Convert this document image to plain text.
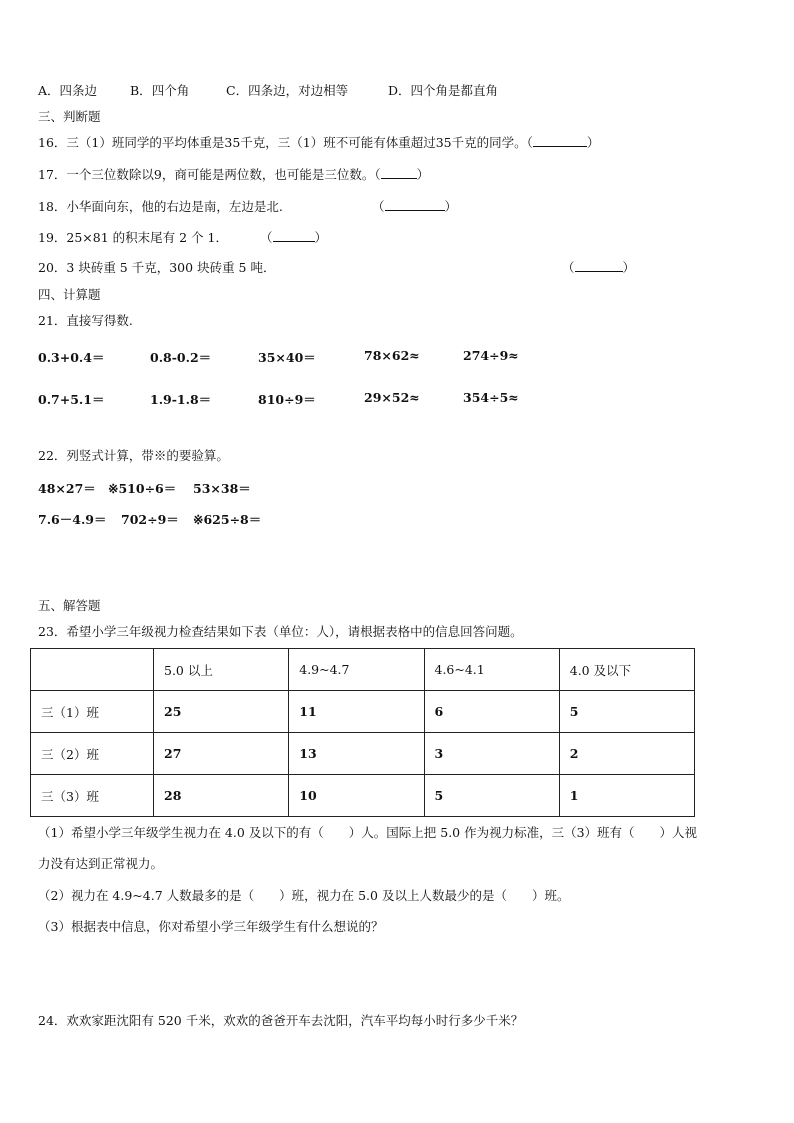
A．四条边	B．四个角	C．四条边，对边相等	D．四个角是都直角
三、判断题
16．三（1）班同学的平均体重是35千克，三（1）班不可能有体重超过35千克的同学。（	）
17．一个三位数除以9，商可能是两位数，也可能是三位数。（	）
18．小华面向东，他的右边是南，左边是北.	（	）
19．25×81 的积末尾有 2 个 1．	（	）
20．3 块砖重 5 千克，300 块砖重 5 吨．	（	）
四、计算题
21．直接写得数.
0.3+0.4＝	0.8-0.2＝	35×40＝	78×62≈	274÷9≈
0.7+5.1＝	1.9-1.8＝	810÷9＝	29×52≈	354÷5≈
22．列竖式计算，带※的要验算。
48×27＝ ※510÷6＝ 53×38＝
7.6－4.9＝ 702÷9＝ ※625÷8＝
五、解答题
23．希望小学三年级视力检查结果如下表（单位：人），请根据表格中的信息回答问题。
	5.0 以上	4.9~4.7	4.6~4.1	4.0 及以下
三（1）班	25	11	6	5
三（2）班	27	13	3	2
三（3）班	28	10	5	1
（1）希望小学三年级学生视力在 4.0 及以下的有（　　）人。国际上把 5.0 作为视力标准，三（3）班有（　　）人视
力没有达到正常视力。
（2）视力在 4.9~4.7 人数最多的是（　　）班，视力在 5.0 及以上人数最少的是（　　）班。
（3）根据表中信息，你对希望小学三年级学生有什么想说的？
24．欢欢家距沈阳有 520 千米，欢欢的爸爸开车去沈阳，汽车平均每小时行多少千米？
